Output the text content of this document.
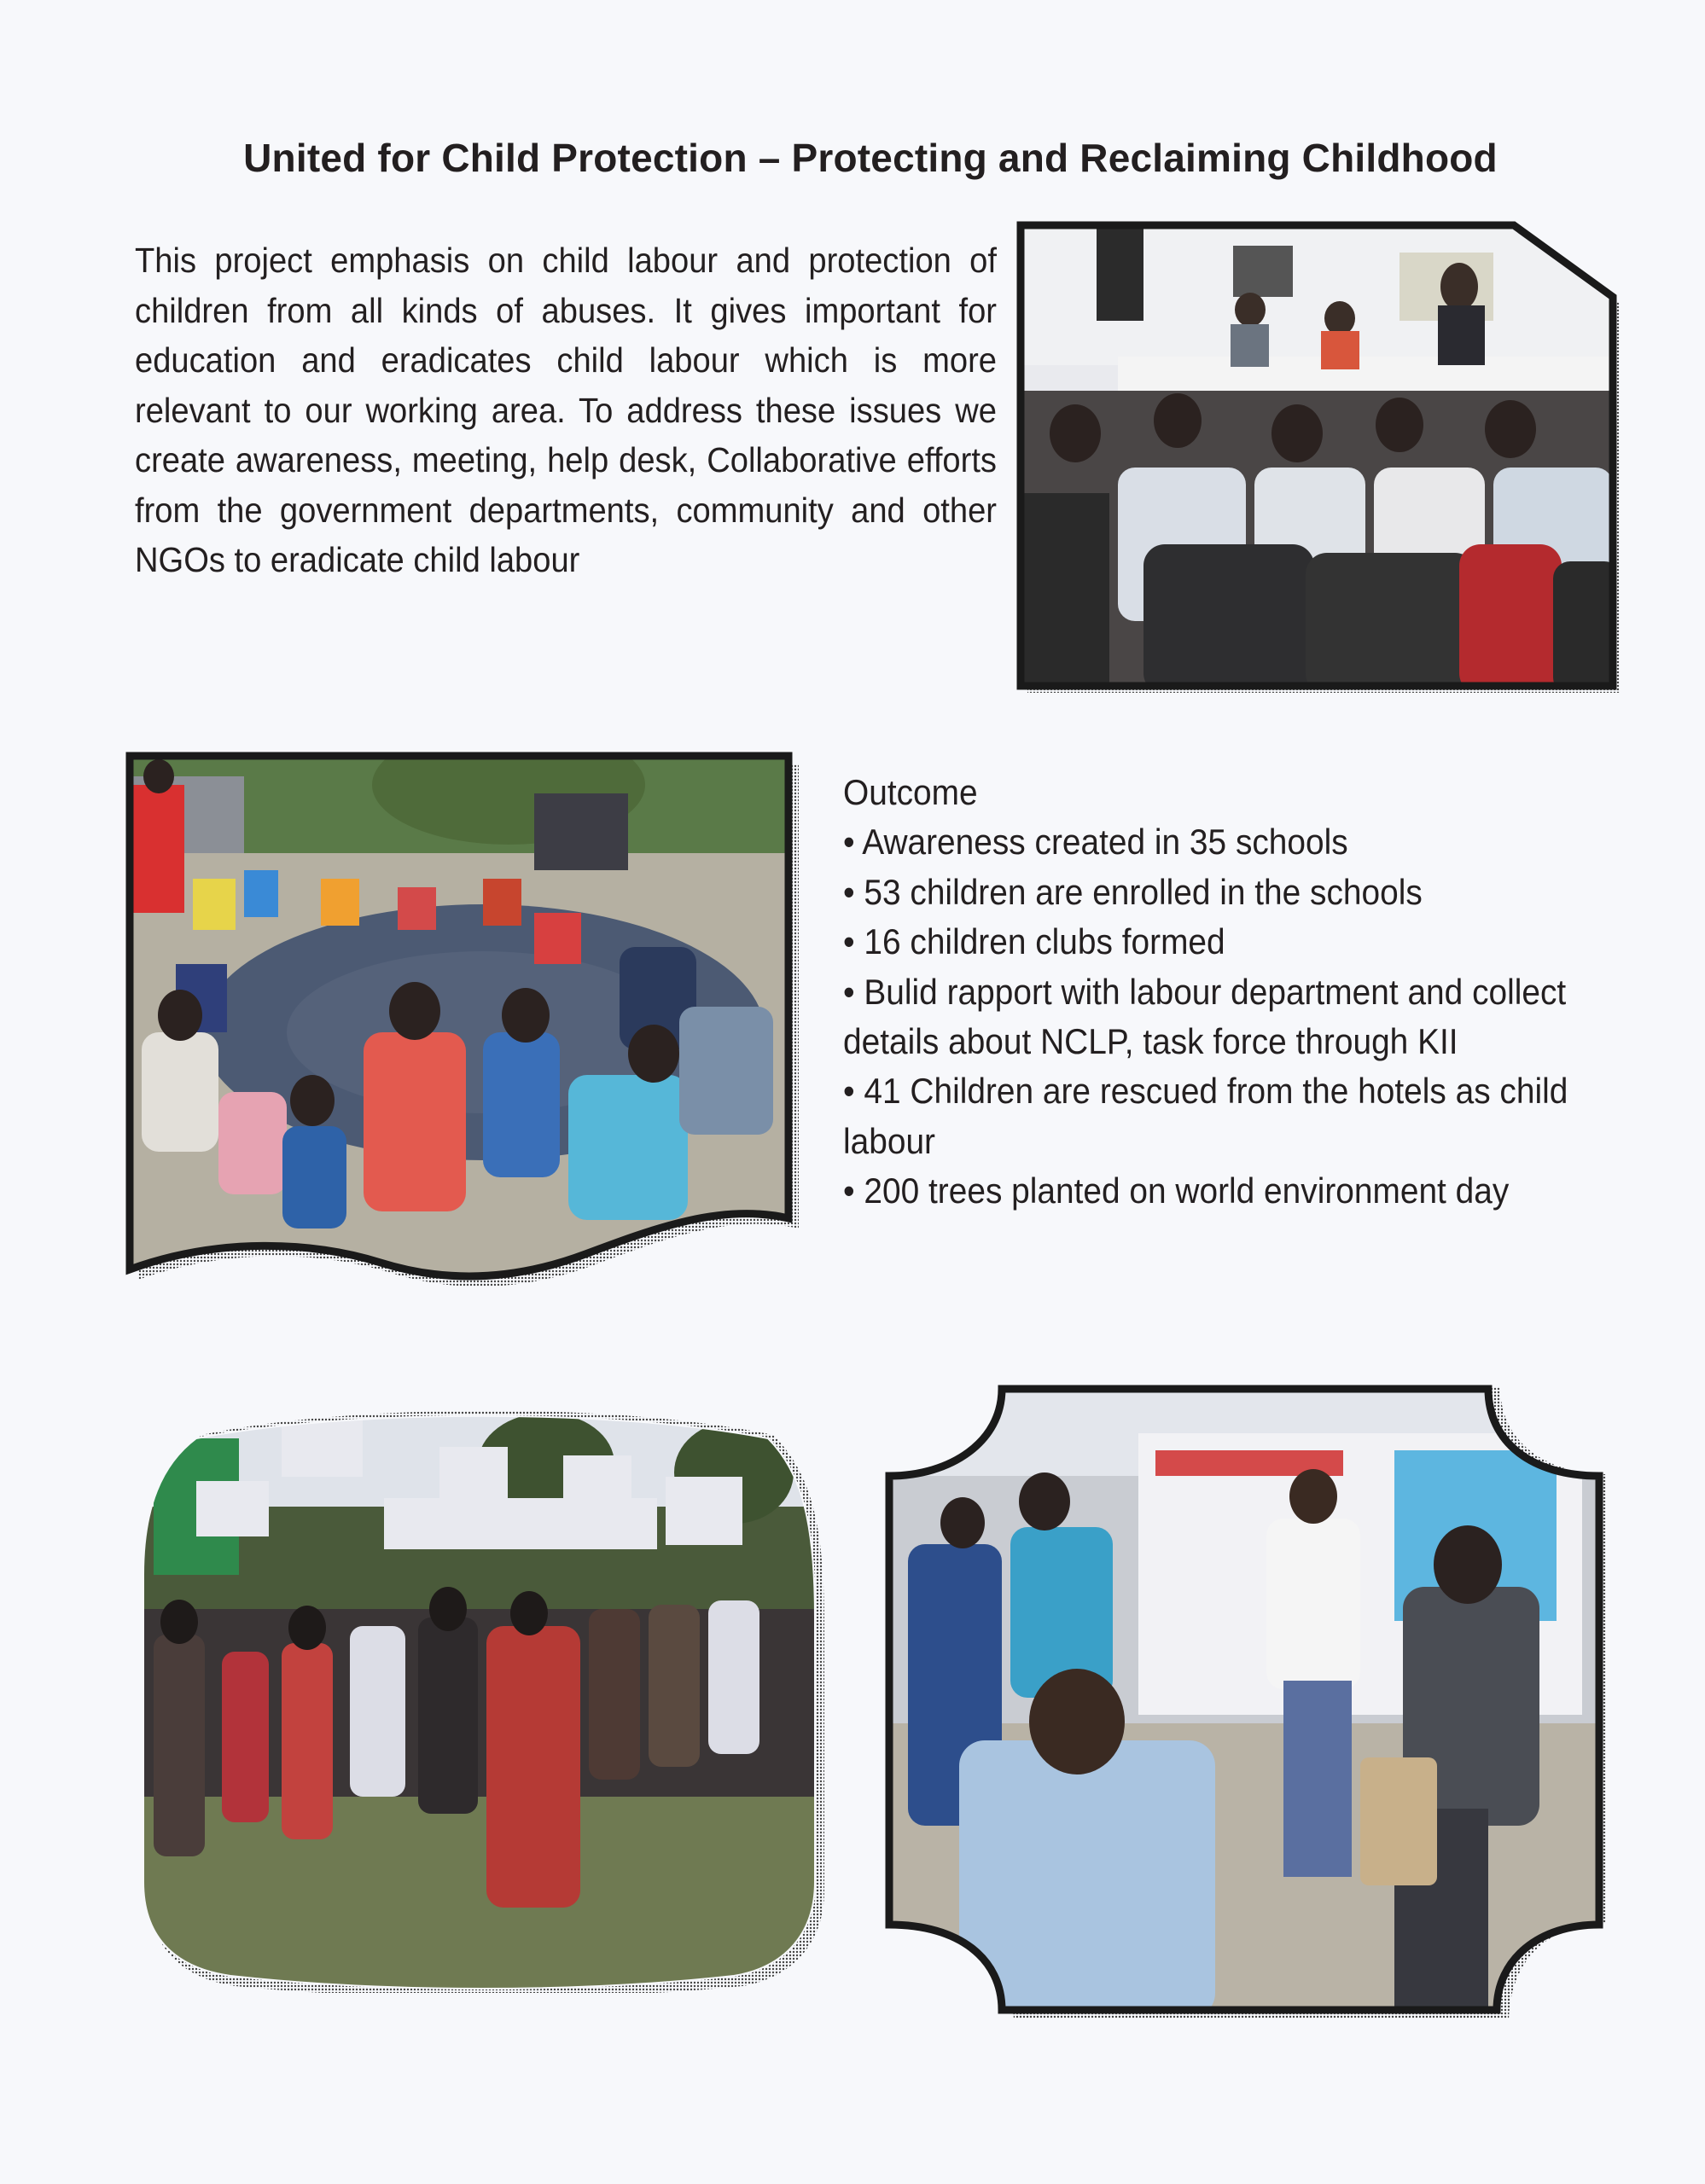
United for Child Protection – Protecting and Reclaiming Childhood

This project emphasis on child labour and protection of children from all kinds of abuses. It gives important for education and eradicates child labour which is more relevant to our working area. To address these issues we create awareness, meeting, help desk, Collaborative efforts from the government departments, community and other NGOs to eradicate child labour

Outcome

• Awareness created in 35 schools
• 53 children are enrolled in the schools
• 16 children clubs formed
• Bulid rapport with labour department and collect details about NCLP, task force through KII
• 41 Children are rescued from the hotels as child labour
• 200 trees planted on world environment day
